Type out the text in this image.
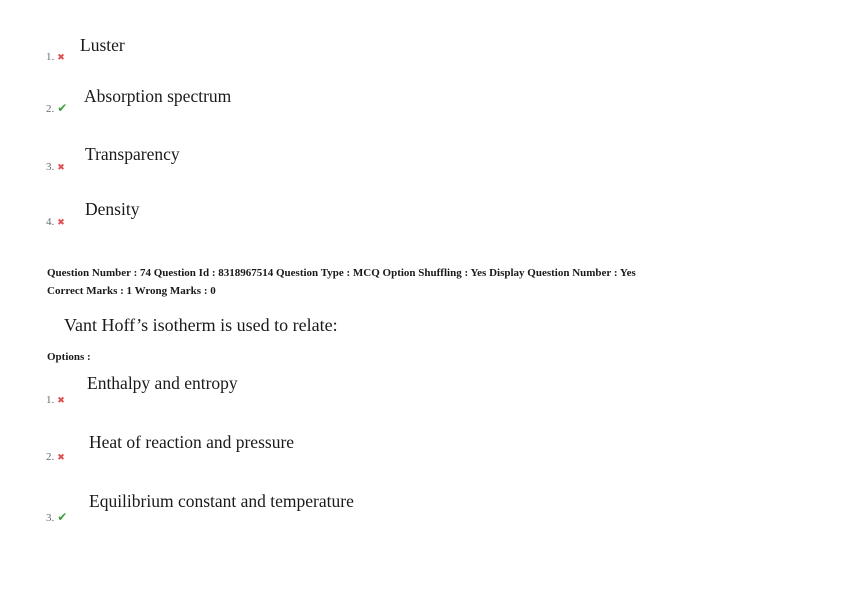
1. ✖
Luster
2. ✔
Absorption spectrum
3. ✖
Transparency
4. ✖
Density
Question Number : 74 Question Id : 8318967514 Question Type : MCQ Option Shuffling : Yes Display Question Number : Yes
Correct Marks : 1 Wrong Marks : 0
Vant Hoff’s isotherm is used to relate:
Options :
1. ✖
Enthalpy and entropy
2. ✖
Heat of reaction and pressure
3. ✔
Equilibrium constant and temperature
